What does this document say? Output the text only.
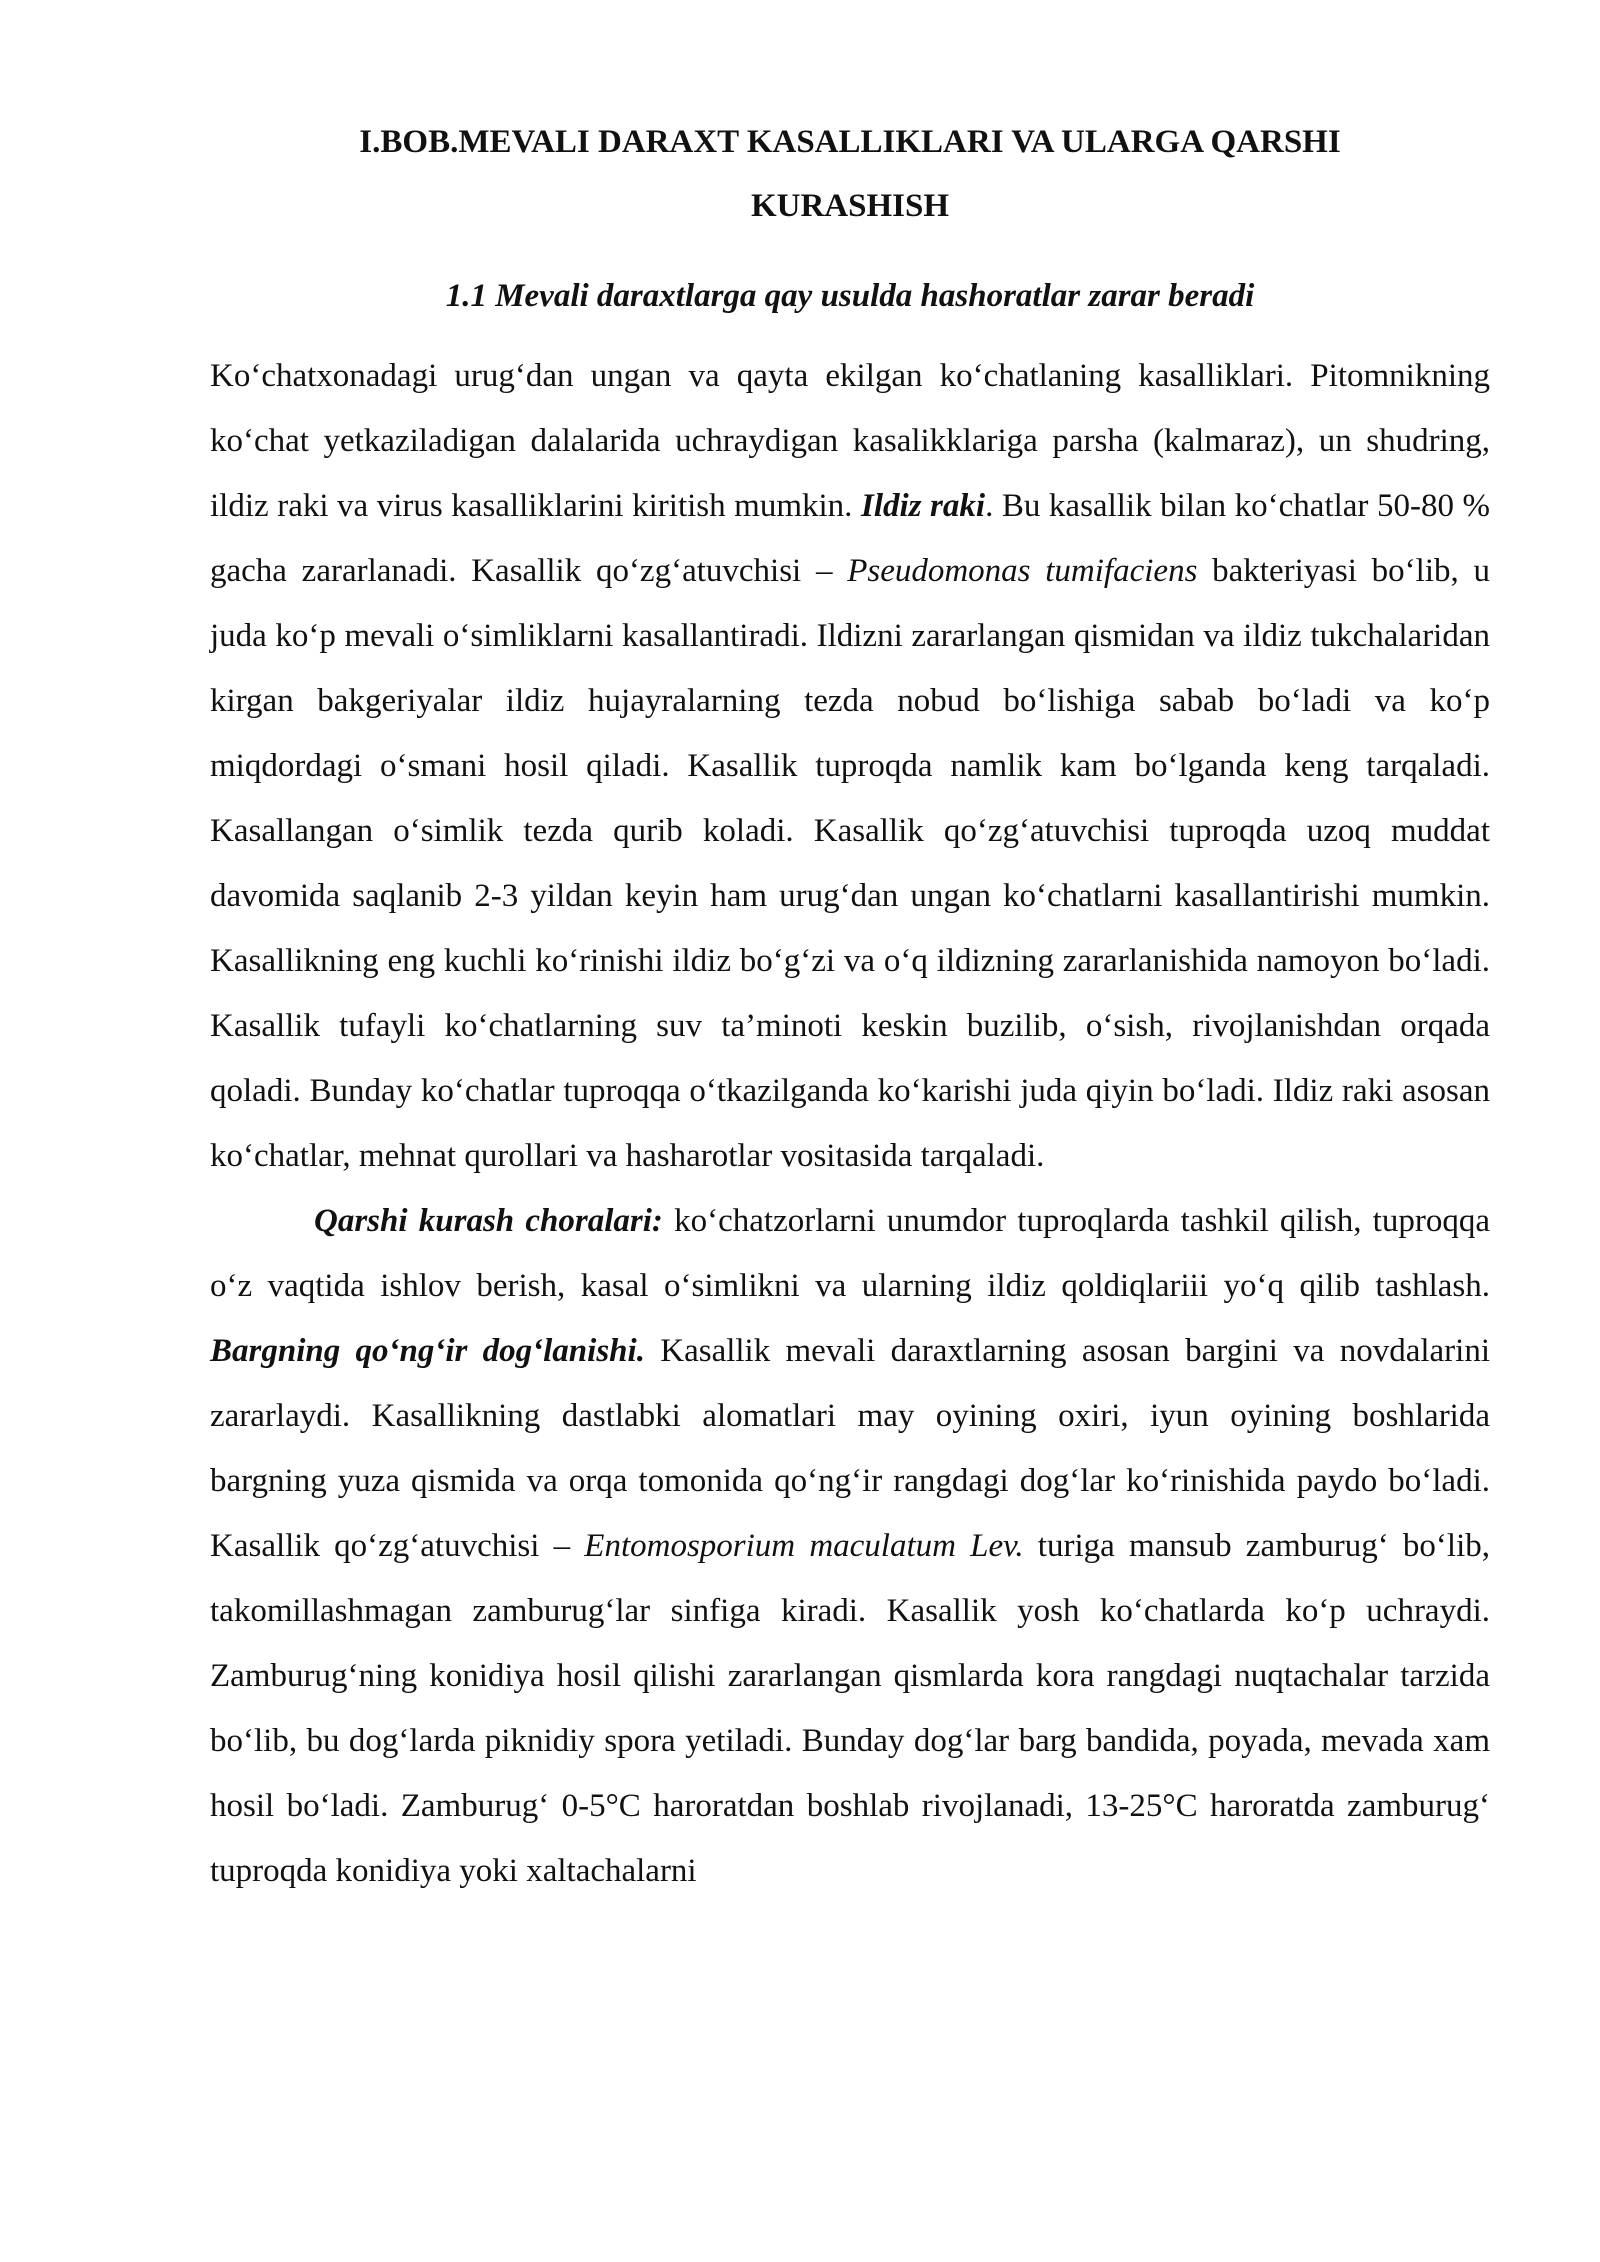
I.BOB.MEVALI DARAXT KASALLIKLARI VA ULARGA QARSHI
KURASHISH
1.1 Mevali daraxtlarga qay usulda hashoratlar zarar beradi

Ko‘chatxonadagi urug‘dan ungan va qayta ekilgan ko‘chatlaning kasalliklari. Pitomnikning ko‘chat yetkaziladigan dalalarida uchraydigan kasalikklariga parsha (kalmaraz), un shudring, ildiz raki va virus kasalliklarini kiritish mumkin. Ildiz raki. Bu kasallik bilan ko‘chatlar 50-80 % gacha zararlanadi. Kasallik qo‘zg‘atuvchisi – Pseudomonas tumifaciens bakteriyasi bo‘lib, u juda ko‘p mevali o‘simliklarni kasallantiradi. Ildizni zararlangan qismidan va ildiz tukchalaridan kirgan bakgeriyalar ildiz hujayralarning tezda nobud bo‘lishiga sabab bo‘ladi va ko‘p miqdordagi o‘smani hosil qiladi. Kasallik tuproqda namlik kam bo‘lganda keng tarqaladi. Kasallangan o‘simlik tezda qurib koladi. Kasallik qo‘zg‘atuvchisi tuproqda uzoq muddat davomida saqlanib 2-3 yildan keyin ham urug‘dan ungan ko‘chatlarni kasallantirishi mumkin. Kasallikning eng kuchli ko‘rinishi ildiz bo‘g‘zi va o‘q ildizning zararlanishida namoyon bo‘ladi. Kasallik tufayli ko‘chatlarning suv ta’minoti keskin buzilib, o‘sish, rivojlanishdan orqada qoladi. Bunday ko‘chatlar tuproqqa o‘tkazilganda ko‘karishi juda qiyin bo‘ladi. Ildiz raki asosan ko‘chatlar, mehnat qurollari va hasharotlar vositasida tarqaladi.

Qarshi kurash choralari: ko‘chatzorlarni unumdor tuproqlarda tashkil qilish, tuproqqa o‘z vaqtida ishlov berish, kasal o‘simlikni va ularning ildiz qoldiqlariii yo‘q qilib tashlash. Bargning qo‘ng‘ir dog‘lanishi. Kasallik mevali daraxtlarning asosan bargini va novdalarini zararlaydi. Kasallikning dastlabki alomatlari may oyining oxiri, iyun oyining boshlarida bargning yuza qismida va orqa tomonida qo‘ng‘ir rangdagi dog‘lar ko‘rinishida paydo bo‘ladi. Kasallik qo‘zg‘atuvchisi – Entomosporium maculatum Lev. turiga mansub zamburug‘ bo‘lib, takomillashmagan zamburug‘lar sinfiga kiradi. Kasallik yosh ko‘chatlarda ko‘p uchraydi. Zamburug‘ning konidiya hosil qilishi zararlangan qismlarda kora rangdagi nuqtachalar tarzida bo‘lib, bu dog‘larda piknidiy spora yetiladi. Bunday dog‘lar barg bandida, poyada, mevada xam hosil bo‘ladi. Zamburug‘ 0-5°C haroratdan boshlab rivojlanadi, 13-25°C haroratda zamburug‘ tuproqda konidiya yoki xaltachalarni
